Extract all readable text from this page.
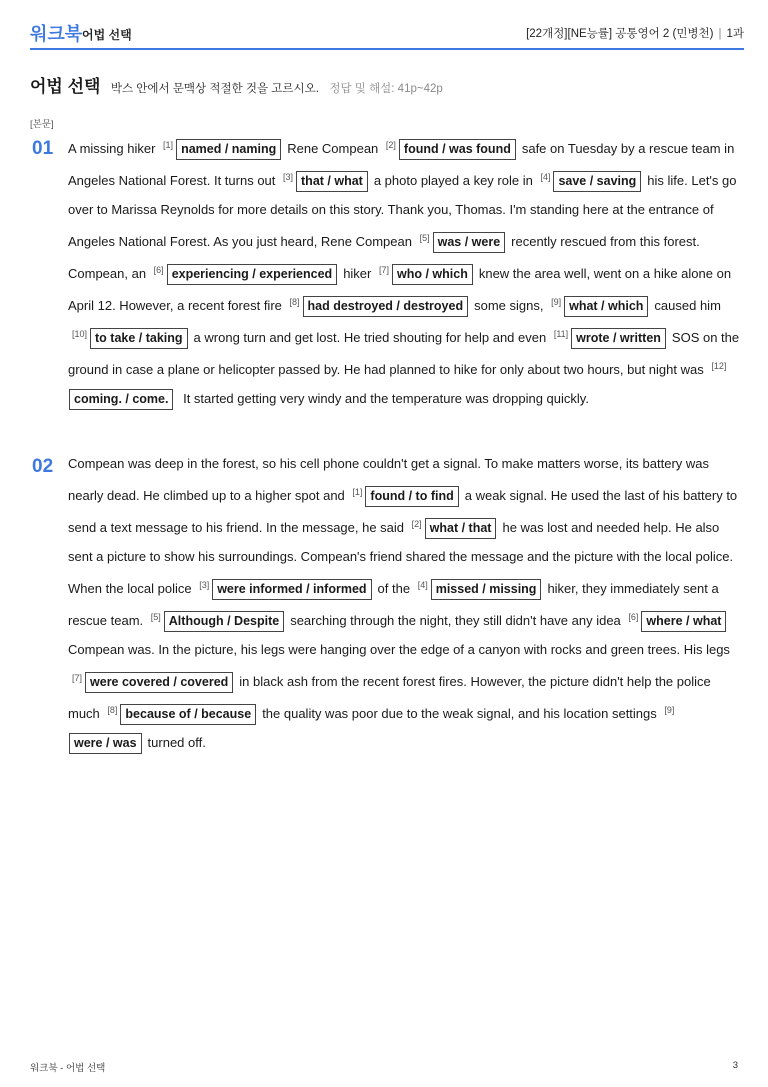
워크북 어법 선택	[22개정][NE능률] 공통영어 2 (민병천) | 1과
어법 선택 박스 안에서 문맥상 적절한 것을 고르시오. 정답 및 해설: 41p~42p
[본문]
01 A missing hiker [1] named / naming Rene Compean [2] found / was found safe on Tuesday by a rescue team in Angeles National Forest. It turns out [3] that / what a photo played a key role in [4] save / saving his life. Let's go over to Marissa Reynolds for more details on this story. Thank you, Thomas. I'm standing here at the entrance of Angeles National Forest. As you just heard, Rene Compean [5] was / were recently rescued from this forest. Compean, an [6] experiencing / experienced hiker [7] who / which knew the area well, went on a hike alone on April 12. However, a recent forest fire [8] had destroyed / destroyed some signs, [9] what / which caused him [10] to take / taking a wrong turn and get lost. He tried shouting for help and even [11] wrote / written SOS on the ground in case a plane or helicopter passed by. He had planned to hike for only about two hours, but night was [12]coming. / come. It started getting very windy and the temperature was dropping quickly.
02 Compean was deep in the forest, so his cell phone couldn't get a signal. To make matters worse, its battery was nearly dead. He climbed up to a higher spot and [1] found / to find a weak signal. He used the last of his battery to send a text message to his friend. In the message, he said [2] what / that he was lost and needed help. He also sent a picture to show his surroundings. Compean's friend shared the message and the picture with the local police. When the local police [3] were informed / informed of the [4] missed / missing hiker, they immediately sent a rescue team. [5] Although / Despite searching through the night, they still didn't have any idea [6] where / whatCompean was. In the picture, his legs were hanging over the edge of a canyon with rocks and green trees. His legs [7] were covered / covered in black ash from the recent forest fires. However, the picture didn't help the police much [8] because of / because the quality was poor due to the weak signal, and his location settings [9]were / was turned off.
워크북 - 어법 선택	3
